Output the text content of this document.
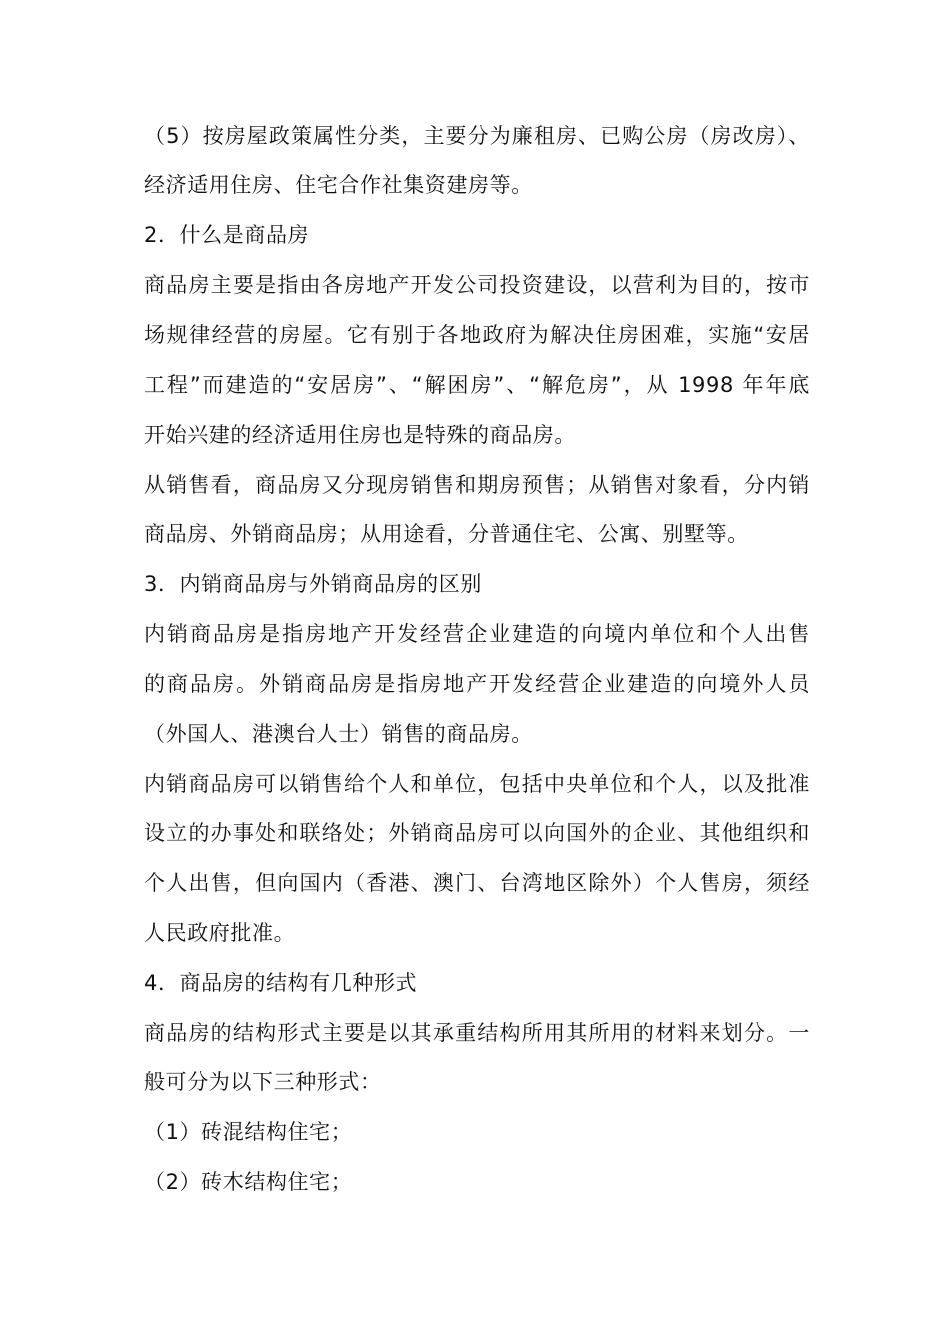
（5）按房屋政策属性分类，主要分为廉租房、已购公房（房改房）、
经济适用住房、住宅合作社集资建房等。
2．什么是商品房
商品房主要是指由各房地产开发公司投资建设，以营利为目的，按市
场规律经营的房屋。它有别于各地政府为解决住房困难，实施“安居
工程”而建造的“安居房”、“解困房”、“解危房”，从 1998 年年底
开始兴建的经济适用住房也是特殊的商品房。
从销售看，商品房又分现房销售和期房预售；从销售对象看，分内销
商品房、外销商品房；从用途看，分普通住宅、公寓、别墅等。
3．内销商品房与外销商品房的区别
内销商品房是指房地产开发经营企业建造的向境内单位和个人出售
的商品房。外销商品房是指房地产开发经营企业建造的向境外人员
（外国人、港澳台人士）销售的商品房。
内销商品房可以销售给个人和单位，包括中央单位和个人，以及批准
设立的办事处和联络处；外销商品房可以向国外的企业、其他组织和
个人出售，但向国内（香港、澳门、台湾地区除外）个人售房，须经
人民政府批准。
4．商品房的结构有几种形式
商品房的结构形式主要是以其承重结构所用其所用的材料来划分。一
般可分为以下三种形式：
（1）砖混结构住宅；
（2）砖木结构住宅；
